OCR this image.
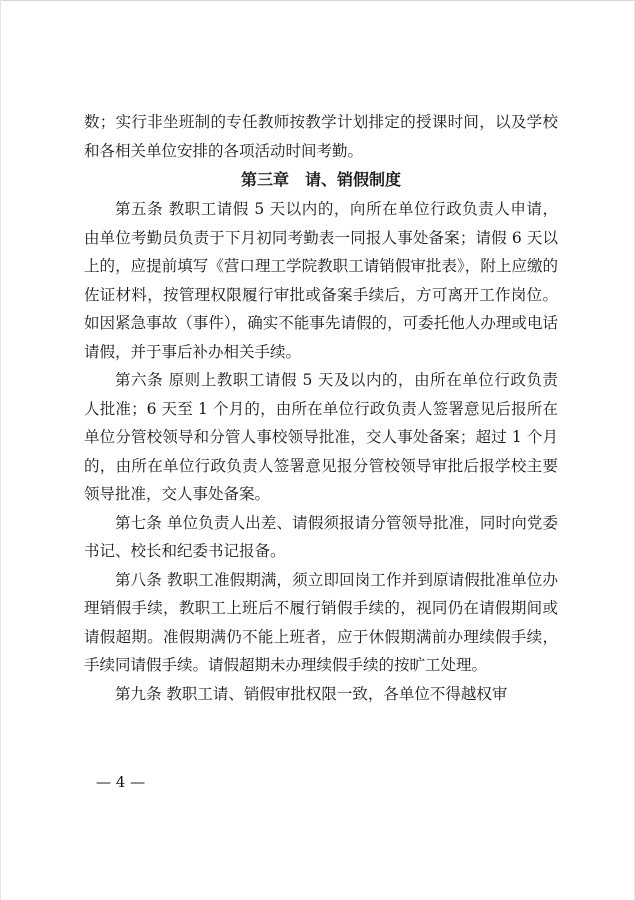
数；实行非坐班制的专任教师按教学计划排定的授课时间，以及学校和各相关单位安排的各项活动时间考勤。

第三章　请、销假制度

第五条 教职工请假 5 天以内的，向所在单位行政负责人申请，由单位考勤员负责于下月初同考勤表一同报人事处备案；请假 6 天以上的，应提前填写《营口理工学院教职工请销假审批表》，附上应缴的佐证材料，按管理权限履行审批或备案手续后，方可离开工作岗位。如因紧急事故（事件），确实不能事先请假的，可委托他人办理或电话请假，并于事后补办相关手续。

第六条 原则上教职工请假 5 天及以内的，由所在单位行政负责人批准；6 天至 1 个月的，由所在单位行政负责人签署意见后报所在单位分管校领导和分管人事校领导批准，交人事处备案；超过 1 个月的，由所在单位行政负责人签署意见报分管校领导审批后报学校主要领导批准，交人事处备案。

第七条 单位负责人出差、请假须报请分管领导批准，同时向党委书记、校长和纪委书记报备。

第八条 教职工准假期满，须立即回岗工作并到原请假批准单位办理销假手续，教职工上班后不履行销假手续的，视同仍在请假期间或请假超期。准假期满仍不能上班者，应于休假期满前办理续假手续，手续同请假手续。请假超期未办理续假手续的按旷工处理。

第九条 教职工请、销假审批权限一致，各单位不得越权审

— 4 —
